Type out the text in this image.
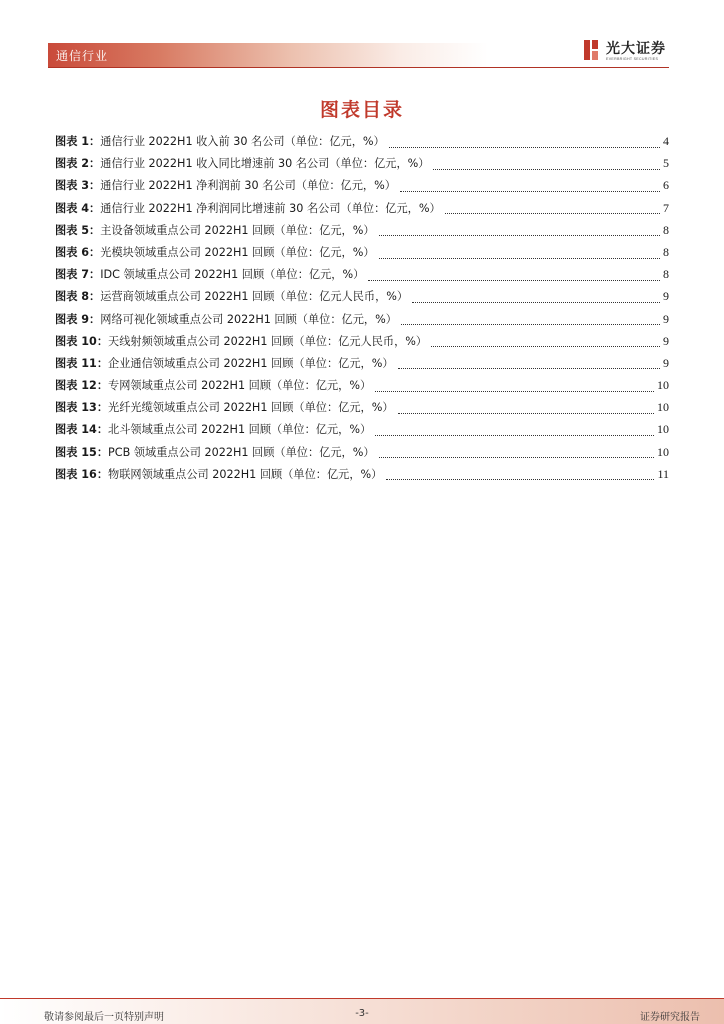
通信行业	光大证券
EVERBRIGHT SECURITIES
图表目录
图表 1： 通信行业 2022H1 收入前 30 名公司（单位：亿元，%）	4
图表 2： 通信行业 2022H1 收入同比增速前 30 名公司（单位：亿元，%）	5
图表 3： 通信行业 2022H1 净利润前 30 名公司（单位：亿元，%）	6
图表 4： 通信行业 2022H1 净利润同比增速前 30 名公司（单位：亿元，%）	7
图表 5： 主设备领域重点公司 2022H1 回顾（单位：亿元，%）	8
图表 6： 光模块领域重点公司 2022H1 回顾（单位：亿元，%）	8
图表 7： IDC 领域重点公司 2022H1 回顾（单位：亿元，%）	8
图表 8： 运营商领域重点公司 2022H1 回顾（单位：亿元人民币，%）	9
图表 9： 网络可视化领域重点公司 2022H1 回顾（单位：亿元，%）	9
图表 10： 天线射频领域重点公司 2022H1 回顾（单位：亿元人民币，%）	9
图表 11： 企业通信领域重点公司 2022H1 回顾（单位：亿元，%）	9
图表 12： 专网领域重点公司 2022H1 回顾（单位：亿元，%）	10
图表 13： 光纤光缆领域重点公司 2022H1 回顾（单位：亿元，%）	10
图表 14： 北斗领域重点公司 2022H1 回顾（单位：亿元，%）	10
图表 15： PCB 领域重点公司 2022H1 回顾（单位：亿元，%）	10
图表 16： 物联网领域重点公司 2022H1 回顾（单位：亿元，%）	11
敬请参阅最后一页特别声明	-3-	证券研究报告
